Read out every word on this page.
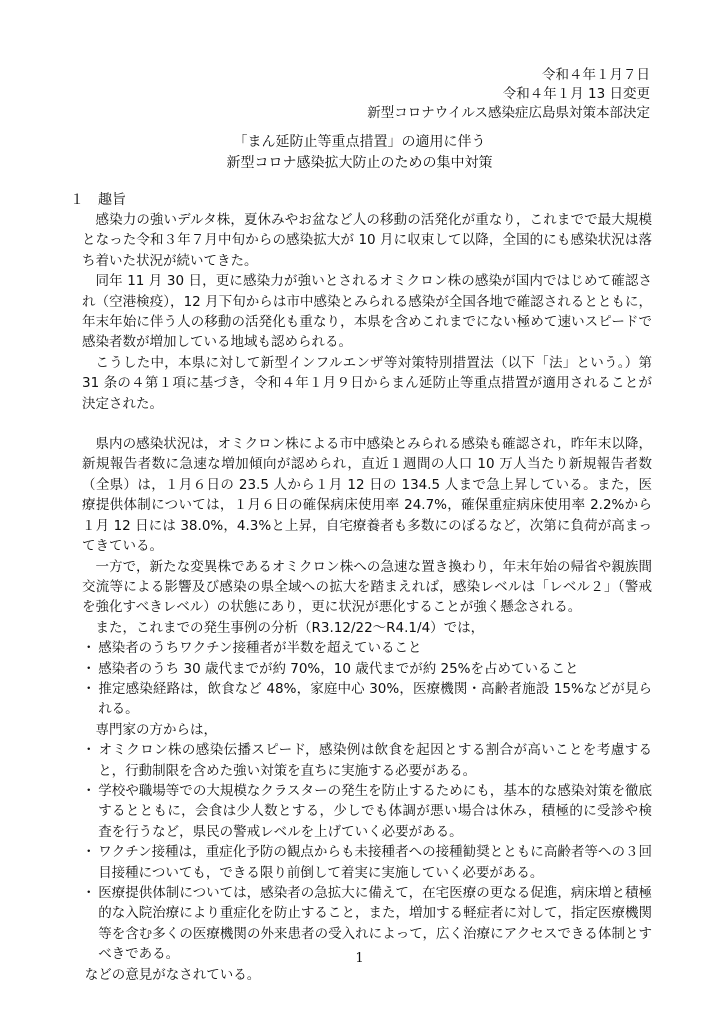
令和４年１月７日
令和４年１月 13 日変更
新型コロナウイルス感染症広島県対策本部決定
「まん延防止等重点措置」の適用に伴う
新型コロナ感染拡大防止のための集中対策
１　趣旨

感染力の強いデルタ株，夏休みやお盆など人の移動の活発化が重なり，これまでで最大規模となった令和３年７月中旬からの感染拡大が 10 月に収束して以降，全国的にも感染状況は落ち着いた状況が続いてきた。

同年 11 月 30 日，更に感染力が強いとされるオミクロン株の感染が国内ではじめて確認され（空港検疫），12 月下旬からは市中感染とみられる感染が全国各地で確認されるとともに，年末年始に伴う人の移動の活発化も重なり，本県を含めこれまでにない極めて速いスピードで感染者数が増加している地域も認められる。

こうした中，本県に対して新型インフルエンザ等対策特別措置法（以下「法」という。）第 31 条の４第１項に基づき，令和４年１月９日からまん延防止等重点措置が適用されることが決定された。

県内の感染状況は，オミクロン株による市中感染とみられる感染も確認され，昨年末以降，新規報告者数に急速な増加傾向が認められ，直近１週間の人口 10 万人当たり新規報告者数（全県）は，１月６日の 23.5 人から１月 12 日の 134.5 人まで急上昇している。また，医療提供体制については，１月６日の確保病床使用率 24.7%，確保重症病床使用率 2.2%から１月 12 日には 38.0%，4.3%と上昇，自宅療養者も多数にのぼるなど，次第に負荷が高まってきている。

一方で，新たな変異株であるオミクロン株への急速な置き換わり，年末年始の帰省や親族間交流等による影響及び感染の県全域への拡大を踏まえれば，感染レベルは「レベル２」（警戒を強化すべきレベル）の状態にあり，更に状況が悪化することが強く懸念される。

また，これまでの発生事例の分析（R3.12/22～R4.1/4）では，

・ 感染者のうちワクチン接種者が半数を超えていること

・ 感染者のうち 30 歳代までが約 70%，10 歳代までが約 25%を占めていること

・ 推定感染経路は，飲食など 48%，家庭中心 30%，医療機関・高齢者施設 15%などが見られる。

専門家の方からは，

・ オミクロン株の感染伝播スピード，感染例は飲食を起因とする割合が高いことを考慮すると，行動制限を含めた強い対策を直ちに実施する必要がある。

・ 学校や職場等での大規模なクラスターの発生を防止するためにも，基本的な感染対策を徹底するとともに，会食は少人数とする，少しでも体調が悪い場合は休み，積極的に受診や検査を行うなど，県民の警戒レベルを上げていく必要がある。

・ ワクチン接種は，重症化予防の観点からも未接種者への接種勧奨とともに高齢者等への３回目接種についても，できる限り前倒して着実に実施していく必要がある。

・ 医療提供体制については，感染者の急拡大に備えて，在宅医療の更なる促進，病床増と積極的な入院治療により重症化を防止すること，また，増加する軽症者に対して，指定医療機関等を含む多くの医療機関の外来患者の受入れによって，広く治療にアクセスできる体制とすべきである。

などの意見がなされている。

1
